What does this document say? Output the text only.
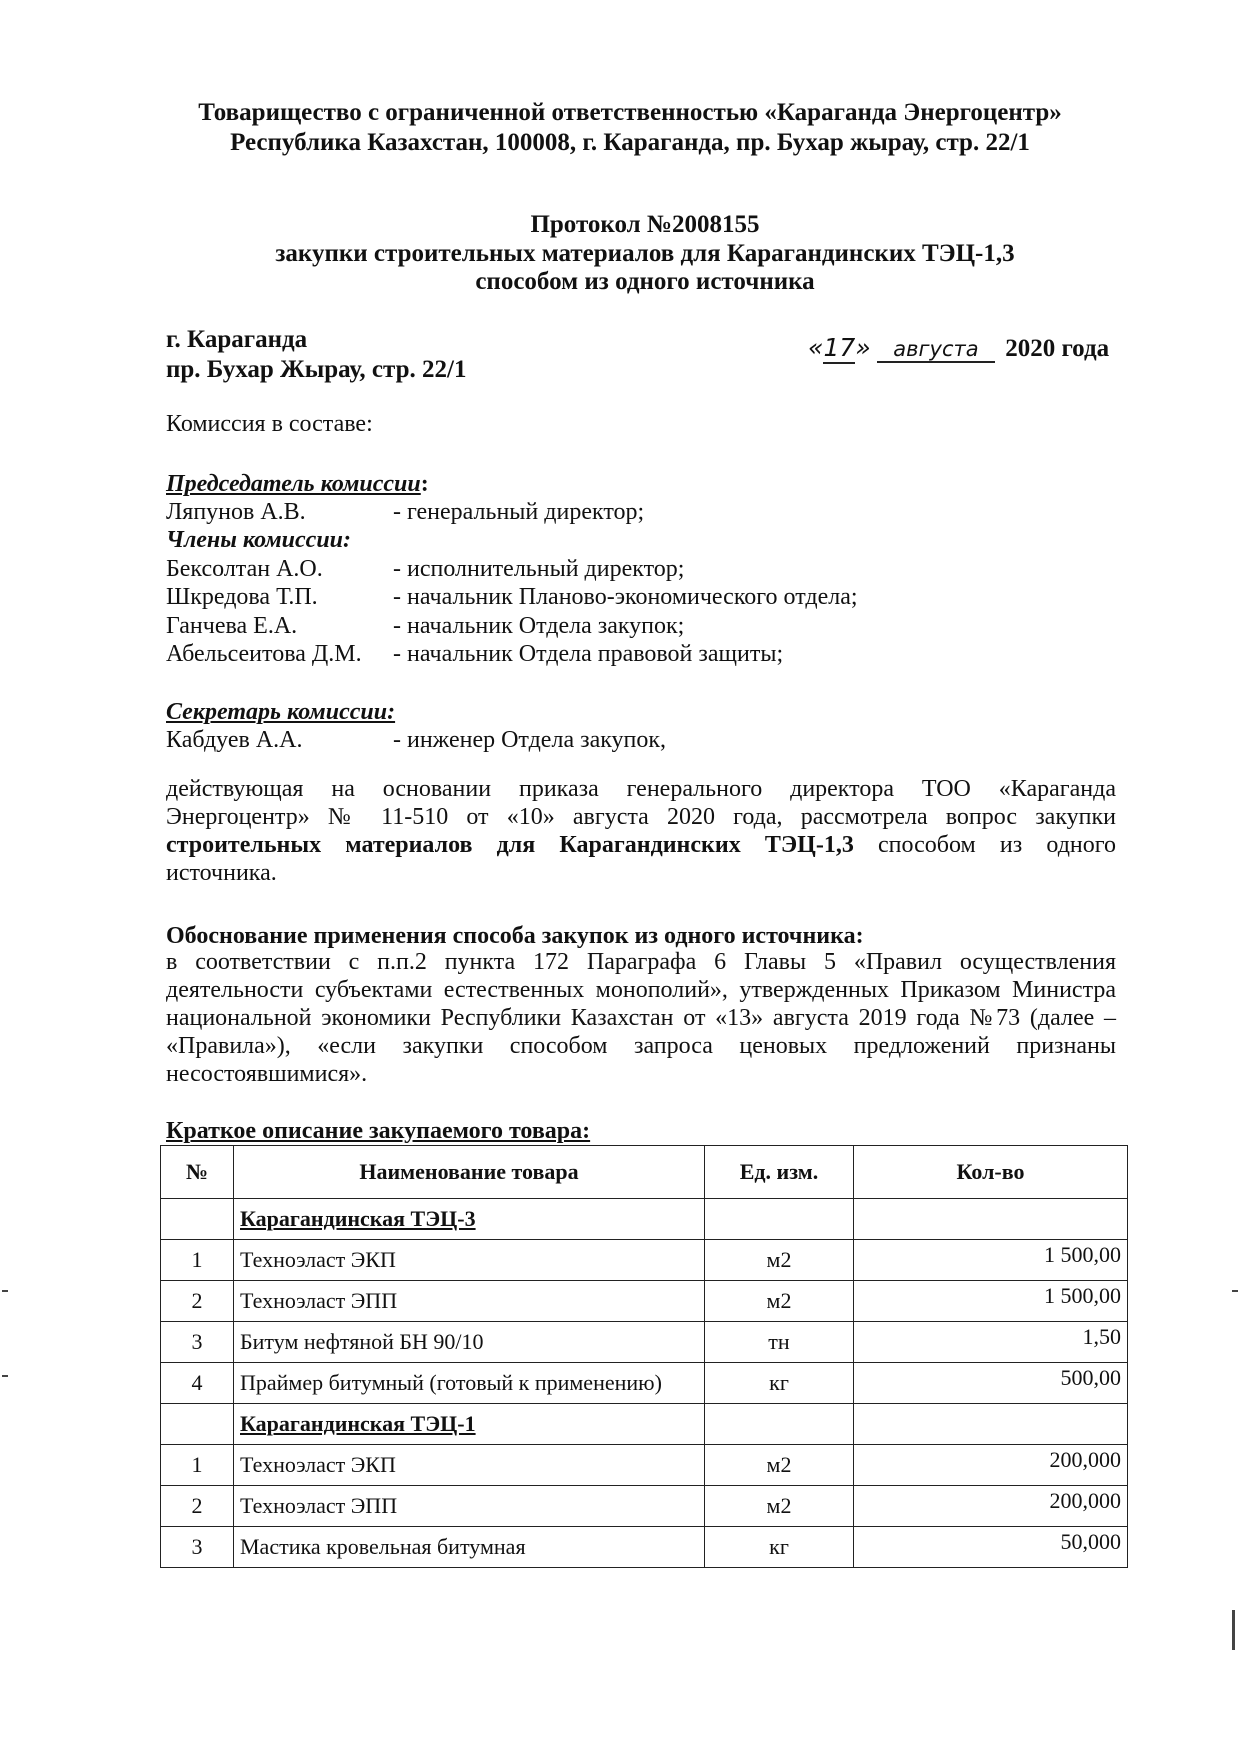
Товарищество с ограниченной ответственностью «Караганда Энергоцентр»
Республика Казахстан, 100008, г. Караганда, пр. Бухар жырау, стр. 22/1
Протокол №2008155
закупки строительных материалов для Карагандинских ТЭЦ-1,3
способом из одного источника
г. Караганда
пр. Бухар Жырау, стр. 22/1
«17» августа 2020 года
Комиссия в составе:
Председатель комиссии:
Ляпунов А.В.	- генеральный директор;
Члены комиссии:
Бексолтан А.О.	- исполнительный директор;
Шкредова Т.П.	- начальник Планово-экономического отдела;
Ганчева Е.А.	- начальник Отдела закупок;
Абельсеитова Д.М.	- начальник Отдела правовой защиты;
Секретарь комиссии:
Кабдуев А.А.	- инженер Отдела закупок,
действующая на основании приказа генерального директора ТОО «Караганда
Энергоцентр» № 11-510 от «10» августа 2020 года, рассмотрела вопрос закупки
строительных материалов для Карагандинских ТЭЦ-1,3 способом из одного
источника.
Обоснование применения способа закупок из одного источника:
в соответствии с п.п.2 пункта 172 Параграфа 6 Главы 5 «Правил осуществления
деятельности субъектами естественных монополий», утвержденных Приказом Министра
национальной экономики Республики Казахстан от «13» августа 2019 года №73 (далее –
«Правила»), «если закупки способом запроса ценовых предложений признаны
несостоявшимися».
Краткое описание закупаемого товара:
№	Наименование товара	Ед. изм.	Кол-во
	Карагандинская ТЭЦ-3		
1	Техноэласт ЭКП	м2	1 500,00
2	Техноэласт ЭПП	м2	1 500,00
3	Битум нефтяной БН 90/10	тн	1,50
4	Праймер битумный (готовый к применению)	кг	500,00
	Карагандинская ТЭЦ-1		
1	Техноэласт ЭКП	м2	200,000
2	Техноэласт ЭПП	м2	200,000
3	Мастика кровельная битумная	кг	50,000
